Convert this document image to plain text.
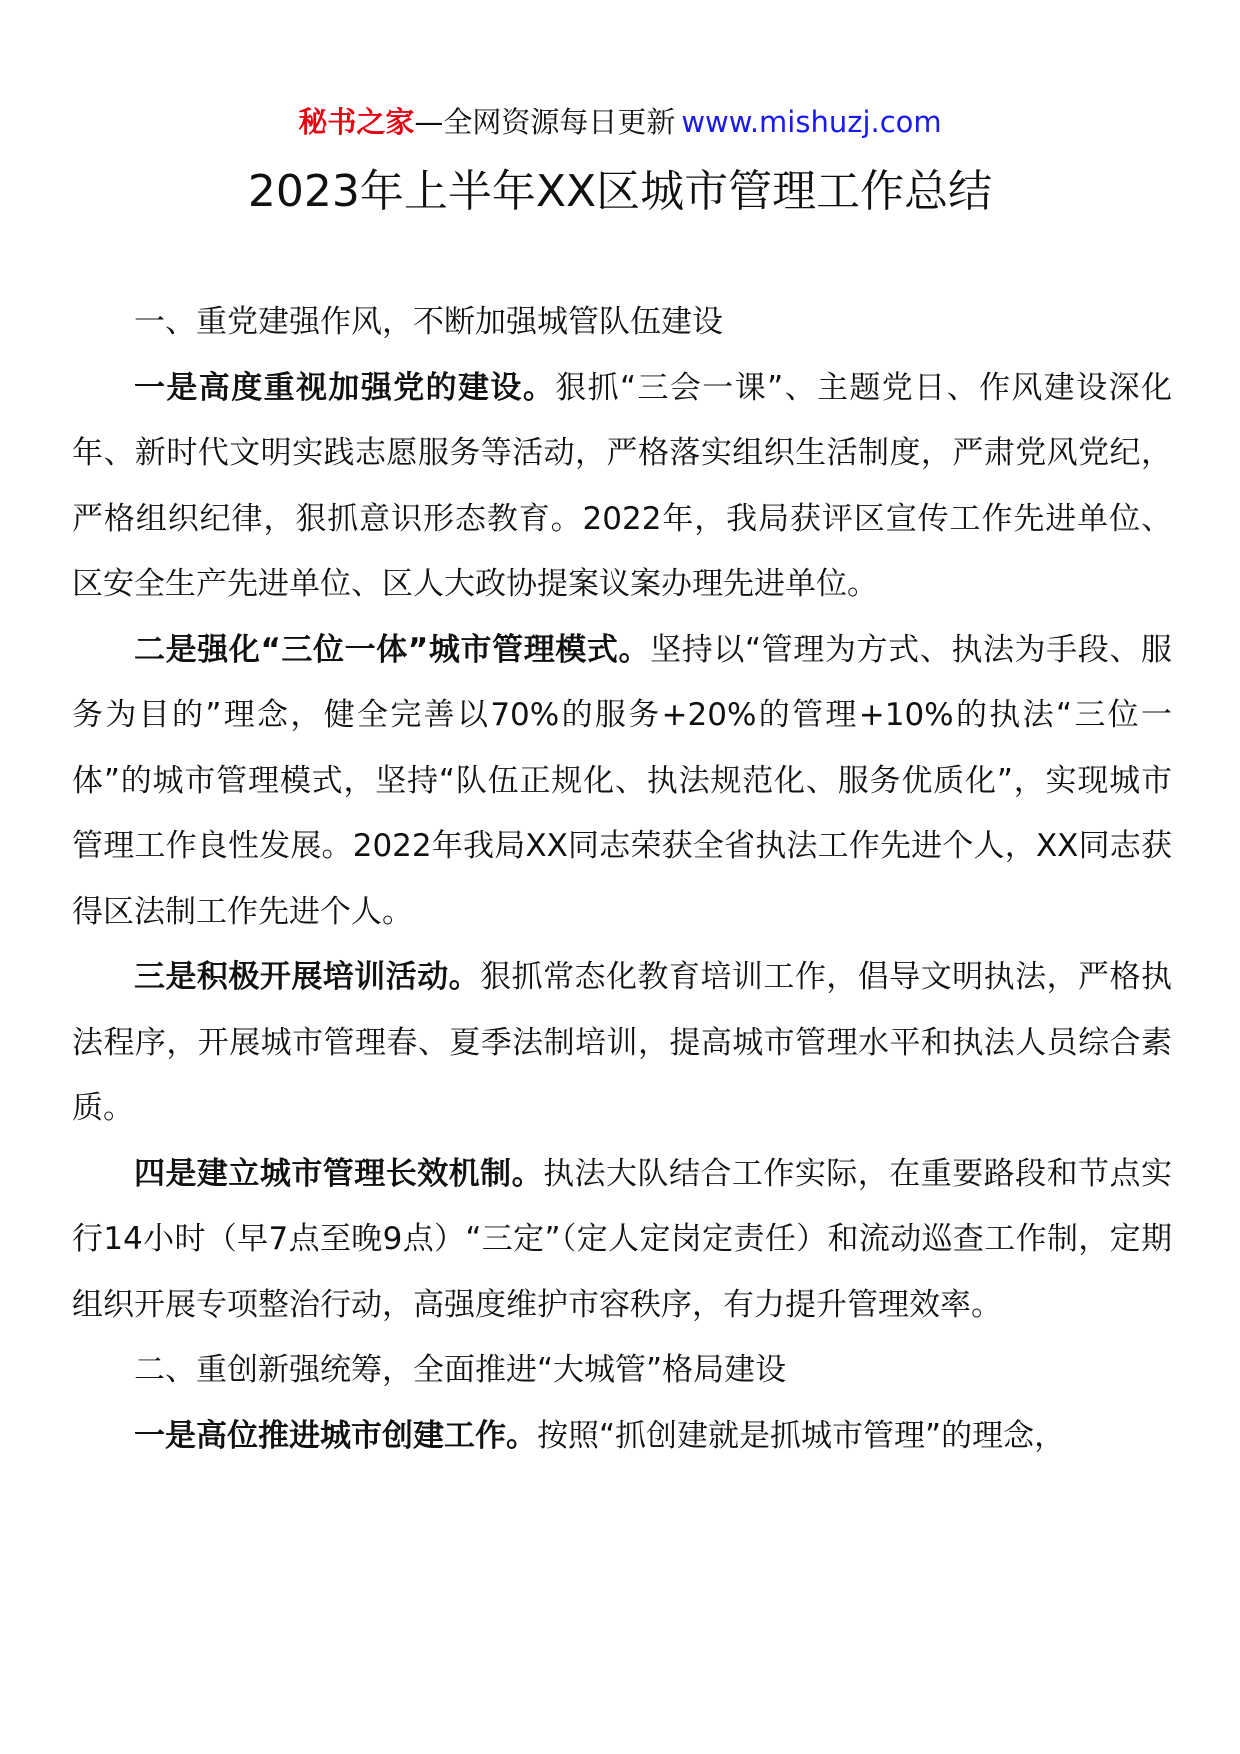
秘书之家—全网资源每日更新 www.mishuzj.com
2023年上半年XX区城市管理工作总结

一、重党建强作风，不断加强城管队伍建设

一是高度重视加强党的建设。狠抓“三会一课”、主题党日、作风建设深化年、新时代文明实践志愿服务等活动，严格落实组织生活制度，严肃党风党纪，严格组织纪律，狠抓意识形态教育。2022年，我局获评区宣传工作先进单位、区安全生产先进单位、区人大政协提案议案办理先进单位。

二是强化“三位一体”城市管理模式。坚持以“管理为方式、执法为手段、服务为目的”理念，健全完善以70%的服务+20%的管理+10%的执法“三位一体”的城市管理模式，坚持“队伍正规化、执法规范化、服务优质化”，实现城市管理工作良性发展。2022年我局XX同志荣获全省执法工作先进个人，XX同志获得区法制工作先进个人。

三是积极开展培训活动。狠抓常态化教育培训工作，倡导文明执法，严格执法程序，开展城市管理春、夏季法制培训，提高城市管理水平和执法人员综合素质。

四是建立城市管理长效机制。执法大队结合工作实际，在重要路段和节点实行14小时（早7点至晚9点）“三定”（定人定岗定责任）和流动巡查工作制，定期组织开展专项整治行动，高强度维护市容秩序，有力提升管理效率。

二、重创新强统筹，全面推进“大城管”格局建设

一是高位推进城市创建工作。按照“抓创建就是抓城市管理”的理念，
